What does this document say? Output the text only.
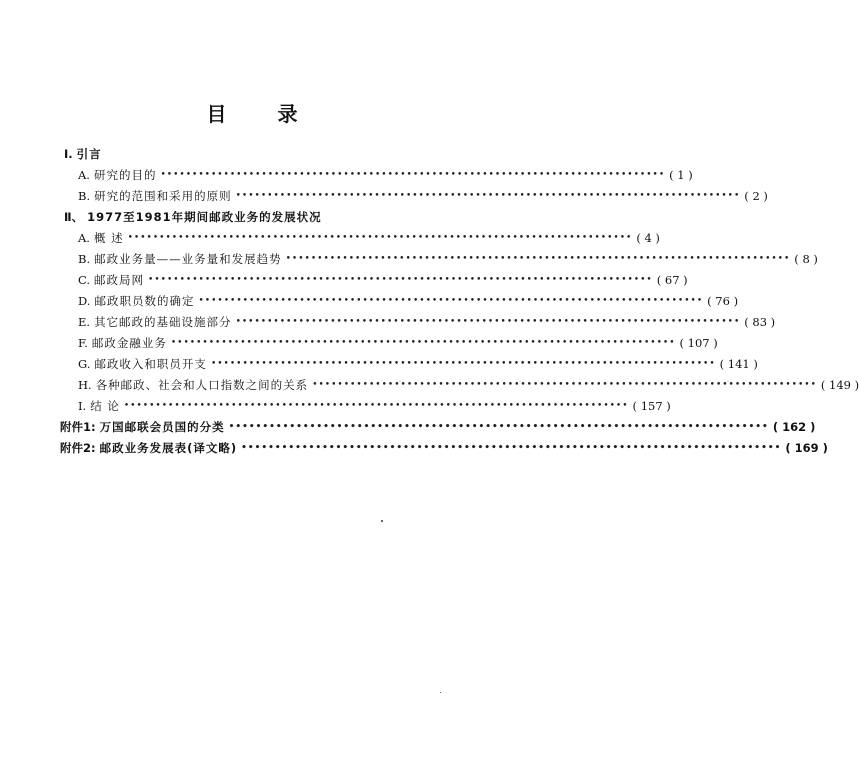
目 录
Ⅰ. 引言
A. 研究的目的 •••••••••••••••••••••••••••••••••••••••••••••••••••••••••••••••••••••••••••••••• ( 1 )
B. 研究的范围和采用的原则 •••••••••••••••••••••••••••••••••••••••••••••••••••••••••••••••••••••••••••••••• ( 2 )
Ⅱ、 1977至1981年期间邮政业务的发展状况
A. 概 述 •••••••••••••••••••••••••••••••••••••••••••••••••••••••••••••••••••••••••••••••• ( 4 )
B. 邮政业务量——业务量和发展趋势 •••••••••••••••••••••••••••••••••••••••••••••••••••••••••••••••••••••••••••••••• ( 8 )
C. 邮政局网 •••••••••••••••••••••••••••••••••••••••••••••••••••••••••••••••••••••••••••••••• ( 67 )
D. 邮政职员数的确定 •••••••••••••••••••••••••••••••••••••••••••••••••••••••••••••••••••••••••••••••• ( 76 )
E. 其它邮政的基础设施部分 •••••••••••••••••••••••••••••••••••••••••••••••••••••••••••••••••••••••••••••••• ( 83 )
F. 邮政金融业务 •••••••••••••••••••••••••••••••••••••••••••••••••••••••••••••••••••••••••••••••• ( 107 )
G. 邮政收入和职员开支 •••••••••••••••••••••••••••••••••••••••••••••••••••••••••••••••••••••••••••••••• ( 141 )
H. 各种邮政、社会和人口指数之间的关系 •••••••••••••••••••••••••••••••••••••••••••••••••••••••••••••••••••••••••••••••• ( 149 )
I. 结 论 •••••••••••••••••••••••••••••••••••••••••••••••••••••••••••••••••••••••••••••••• ( 157 )
附件1: 万国邮联会员国的分类 •••••••••••••••••••••••••••••••••••••••••••••••••••••••••••••••••••••••••••••••• ( 162 )
附件2: 邮政业务发展表(译文略) •••••••••••••••••••••••••••••••••••••••••••••••••••••••••••••••••••••••••••••••• ( 169 )
